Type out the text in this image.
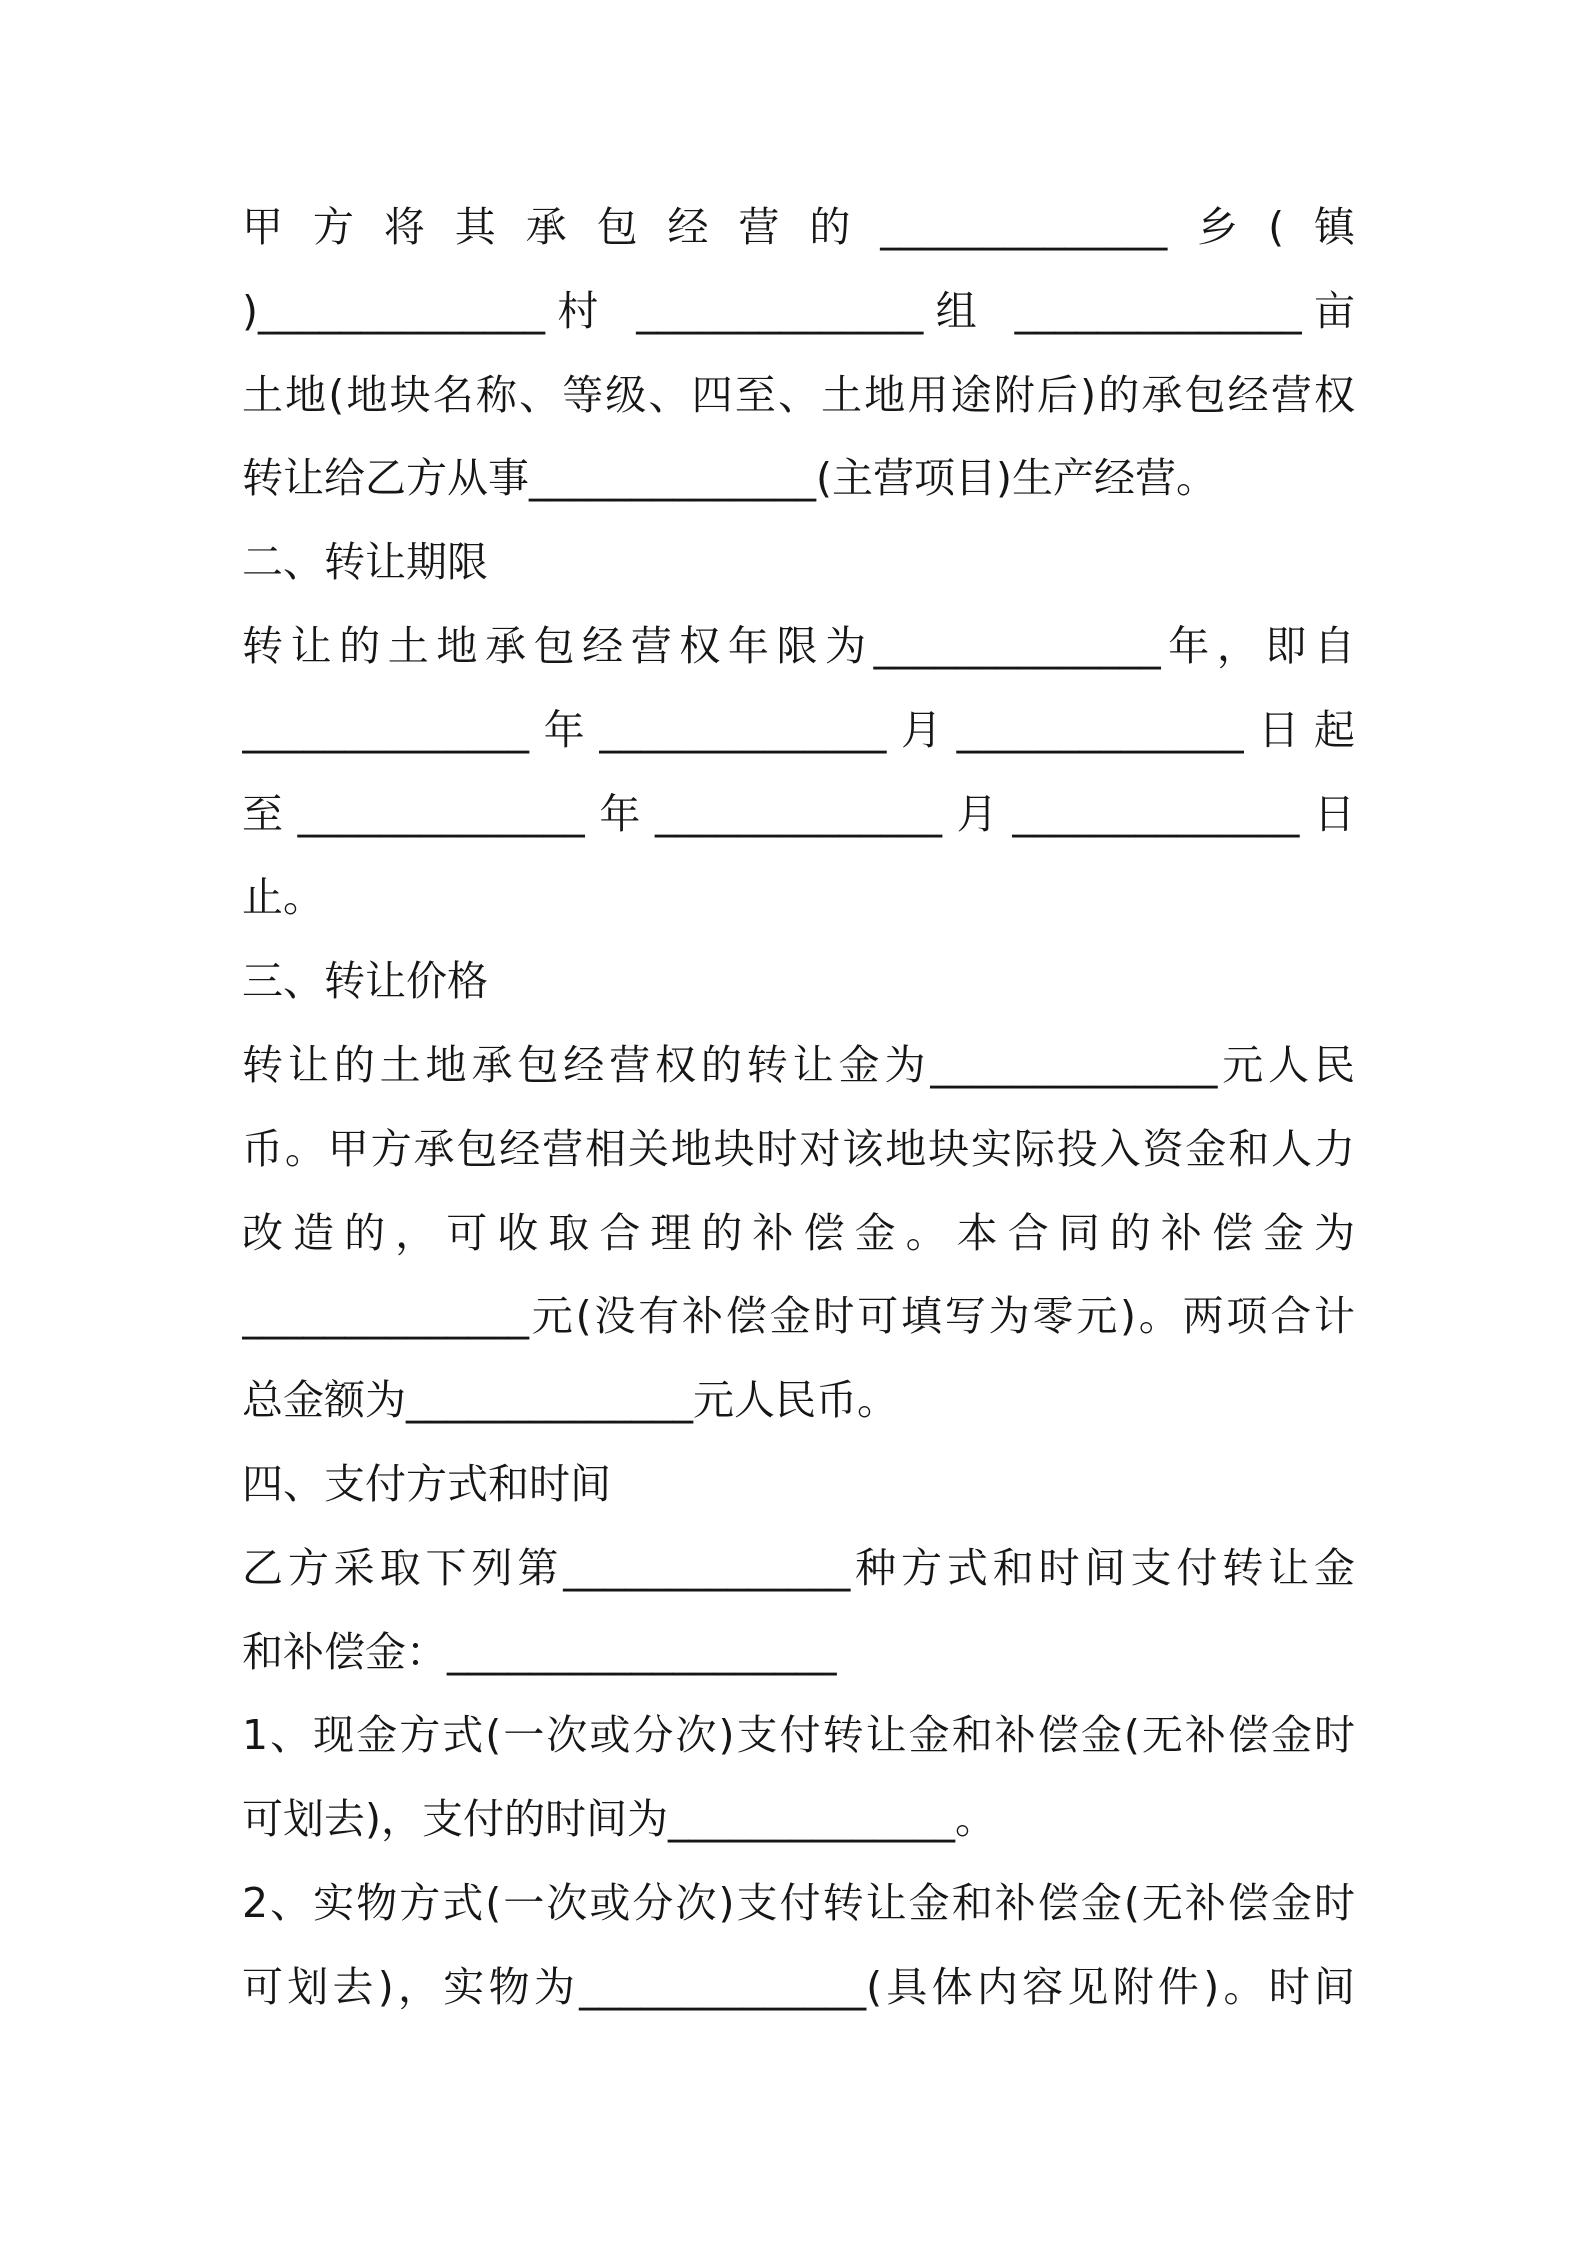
甲方将其承包经营的______________乡(镇
)______________村 ______________组 ______________亩
土地(地块名称、等级、四至、土地用途附后)的承包经营权
转让给乙方从事______________(主营项目)生产经营。
二、转让期限
转让的土地承包经营权年限为______________年，即自
______________年______________月______________日起
至______________年______________月______________日
止。
三、转让价格
转让的土地承包经营权的转让金为______________元人民
币。甲方承包经营相关地块时对该地块实际投入资金和人力
改造的，可收取合理的补偿金。本合同的补偿金为
______________元(没有补偿金时可填写为零元)。两项合计
总金额为______________元人民币。
四、支付方式和时间
乙方采取下列第______________种方式和时间支付转让金
和补偿金：___________________
1、现金方式(一次或分次)支付转让金和补偿金(无补偿金时
可划去)，支付的时间为______________。
2、实物方式(一次或分次)支付转让金和补偿金(无补偿金时
可划去)，实物为______________(具体内容见附件)。时间
